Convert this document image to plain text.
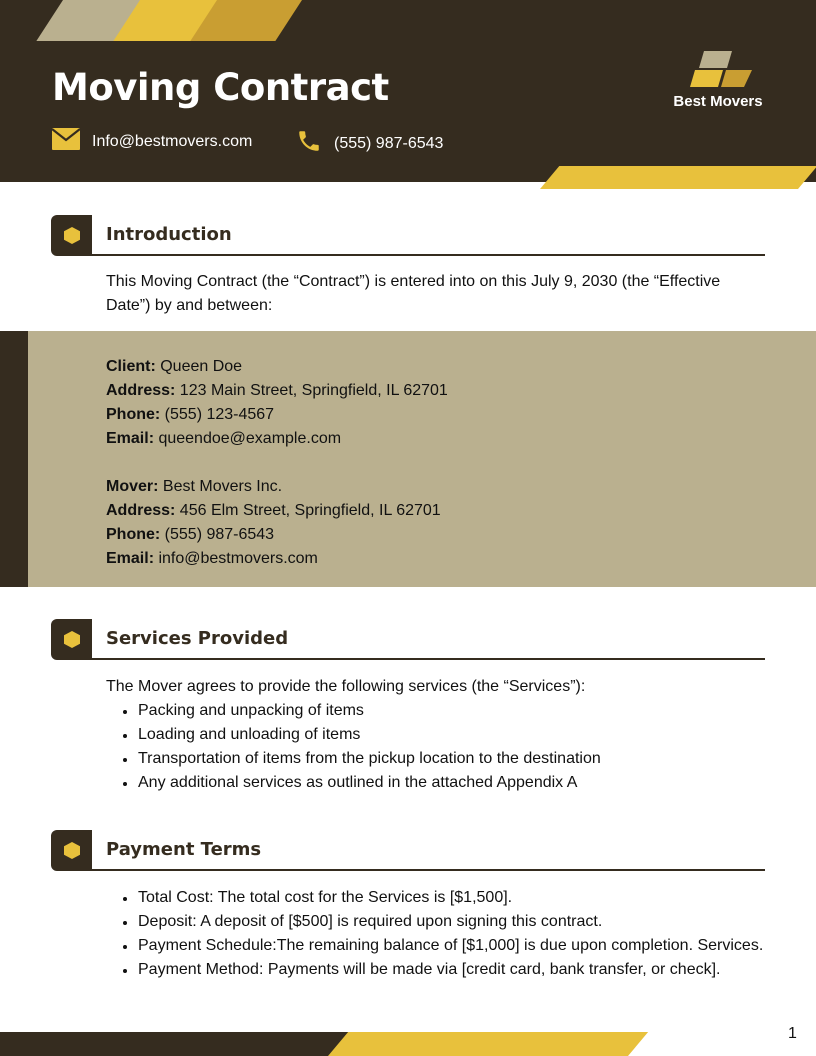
Moving Contract
Info@bestmovers.com	(555) 987-6543
Best Movers
Introduction
This Moving Contract (the “Contract”) is entered into on this July 9, 2030 (the “Effective Date”) by and between:
Client: Queen Doe
Address: 123 Main Street, Springfield, IL 62701
Phone: (555) 123-4567
Email: queendoe@example.com
Mover: Best Movers Inc.
Address: 456 Elm Street, Springfield, IL 62701
Phone: (555) 987-6543
Email: info@bestmovers.com
Services Provided
The Mover agrees to provide the following services (the “Services”):
Packing and unpacking of items
Loading and unloading of items
Transportation of items from the pickup location to the destination
Any additional services as outlined in the attached Appendix A
Payment Terms
Total Cost: The total cost for the Services is [$1,500].
Deposit: A deposit of [$500] is required upon signing this contract.
Payment Schedule:The remaining balance of [$1,000] is due upon completion. Services.
Payment Method: Payments will be made via [credit card, bank transfer, or check].
1
